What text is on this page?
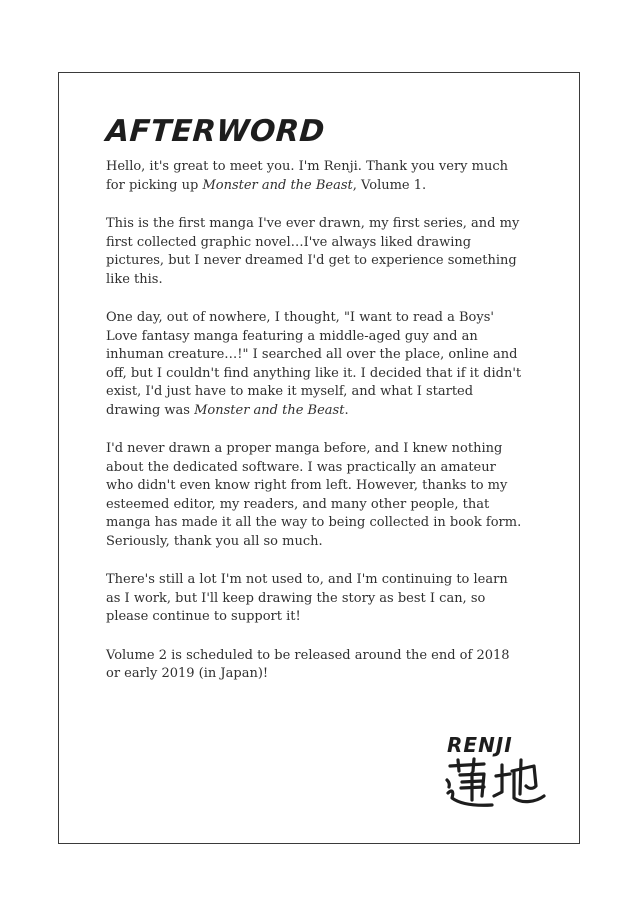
AFTERWORD

Hello, it's great to meet you. I'm Renji. Thank you very much for picking up Monster and the Beast, Volume 1.

This is the first manga I've ever drawn, my first series, and my first collected graphic novel…I've always liked drawing pictures, but I never dreamed I'd get to experience something like this.

One day, out of nowhere, I thought, "I want to read a Boys' Love fantasy manga featuring a middle-aged guy and an inhuman creature…!" I searched all over the place, online and off, but I couldn't find anything like it. I decided that if it didn't exist, I'd just have to make it myself, and what I started drawing was Monster and the Beast.

I'd never drawn a proper manga before, and I knew nothing about the dedicated software. I was practically an amateur who didn't even know right from left. However, thanks to my esteemed editor, my readers, and many other people, that manga has made it all the way to being collected in book form. Seriously, thank you all so much.

There's still a lot I'm not used to, and I'm continuing to learn as I work, but I'll keep drawing the story as best I can, so please continue to support it!

Volume 2 is scheduled to be released around the end of 2018 or early 2019 (in Japan)!

RENJI
